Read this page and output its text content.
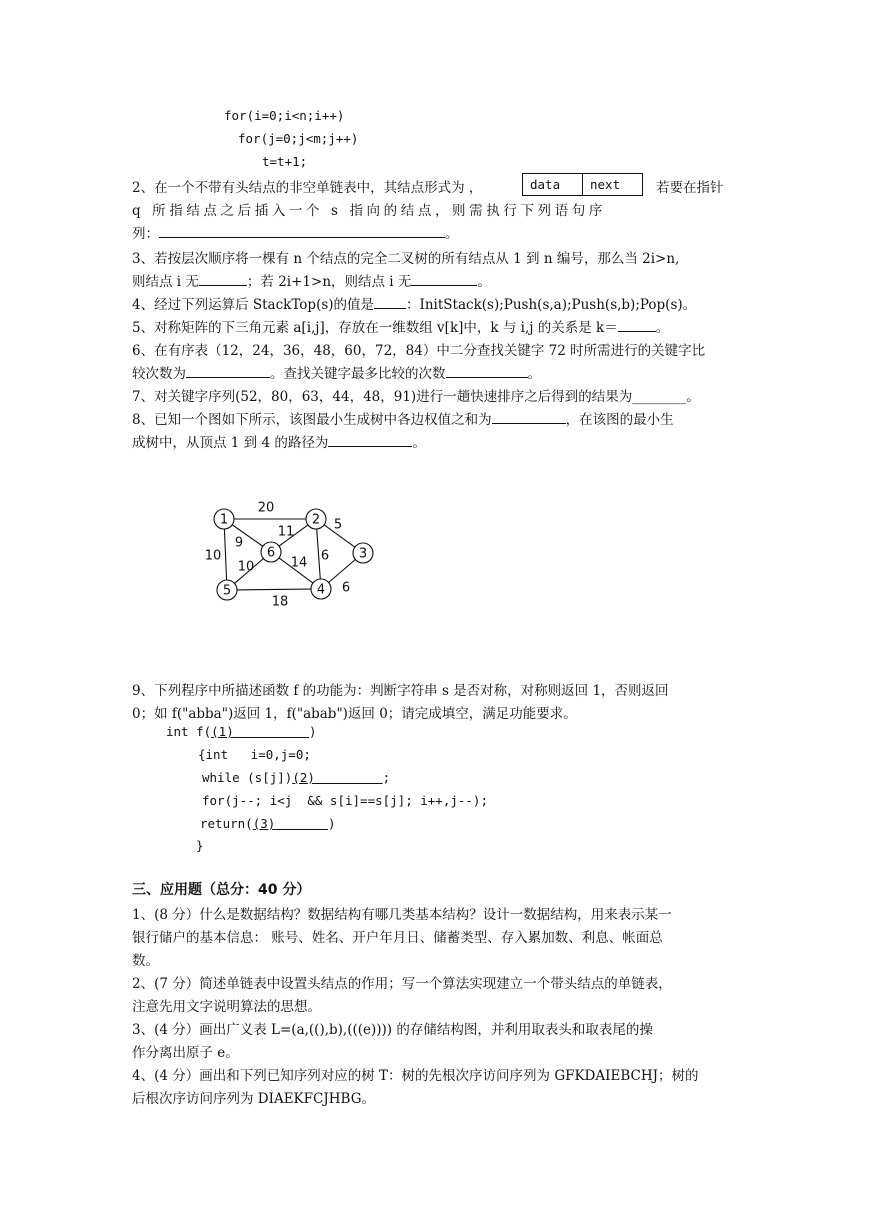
for(i=0;i<n;i++)
for(j=0;j<m;j++)
t=t+1;
2、在一个不带有头结点的非空单链表中，其结点形式为 ，	data	next	若要在指针
q 所指结点之后插入一个 s 指向的结点，则需执行下列语句序
列：	。
3、若按层次顺序将一棵有 n 个结点的完全二叉树的所有结点从 1 到 n 编号，那么当 2i>n,
则结点 i 无	；若 2i+1>n，则结点 i 无	。
4、经过下列运算后 StackTop(s)的值是 ：InitStack(s);Push(s,a);Push(s,b);Pop(s)。
5、对称矩阵的下三角元素 a[i,j]，存放在一维数组 v[k]中，k 与 i,j 的关系是 k＝	。
6、在有序表（12，24，36，48，60，72，84）中二分查找关键字 72 时所需进行的关键字比
较次数为	。查找关键字最多比较的次数	。
7、对关键字序列(52，80，63，44，48，91)进行一趟快速排序之后得到的结果为________。
8、已知一个图如下所示，该图最小生成树中各边权值之和为	，在该图的最小生
成树中，从顶点 1 到 4 的路径为	。
20
10
9
11	5
6
6
10	14
18
1	2
3
4
5
6
9、下列程序中所描述函数 f 的功能为：判断字符串 s 是否对称，对称则返回 1，否则返回
0；如 f("abba")返回 1，f("abab")返回 0；请完成填空，满足功能要求。
int f((1)	)
{int   i=0,j=0;
while (s[j])(2)	;
for(j--; i<j  && s[i]==s[j]; i++,j--);
return((3)	)
}
三、应用题（总分：40 分）
1、(8 分）什么是数据结构？数据结构有哪几类基本结构？设计一数据结构，用来表示某一
银行储户的基本信息： 账号、姓名、开户年月日、储蓄类型、存入累加数、利息、帐面总
数。
2、(7 分）简述单链表中设置头结点的作用；写一个算法实现建立一个带头结点的单链表，
注意先用文字说明算法的思想。
3、(4 分）画出广义表 L=(a,((),b),(((e)))) 的存储结构图，并利用取表头和取表尾的操
作分离出原子 e。
4、(4 分）画出和下列已知序列对应的树 T：树的先根次序访问序列为 GFKDAIEBCHJ；树的
后根次序访问序列为 DIAEKFCJHBG。
